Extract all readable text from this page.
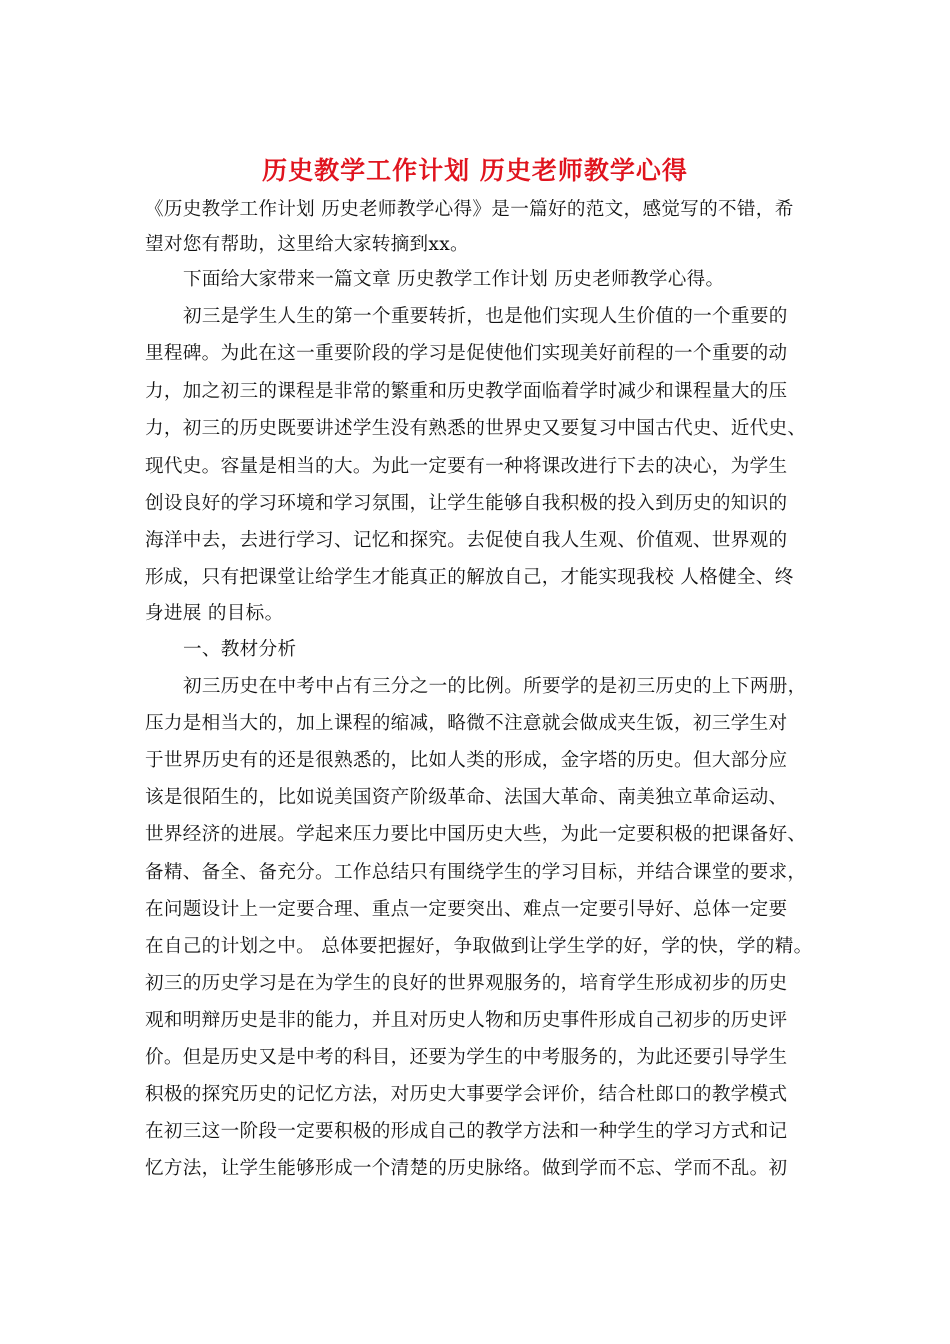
历史教学工作计划 历史老师教学心得
《历史教学工作计划 历史老师教学心得》是一篇好的范文，感觉写的不错，希
望对您有帮助，这里给大家转摘到xx。
下面给大家带来一篇文章 历史教学工作计划 历史老师教学心得。
初三是学生人生的第一个重要转折，也是他们实现人生价值的一个重要的
里程碑。为此在这一重要阶段的学习是促使他们实现美好前程的一个重要的动
力，加之初三的课程是非常的繁重和历史教学面临着学时减少和课程量大的压
力，初三的历史既要讲述学生没有熟悉的世界史又要复习中国古代史、近代史、
现代史。容量是相当的大。为此一定要有一种将课改进行下去的决心，为学生
创设良好的学习环境和学习氛围，让学生能够自我积极的投入到历史的知识的
海洋中去，去进行学习、记忆和探究。去促使自我人生观、价值观、世界观的
形成，只有把课堂让给学生才能真正的解放自己，才能实现我校 人格健全、终
身进展 的目标。
一、教材分析
初三历史在中考中占有三分之一的比例。所要学的是初三历史的上下两册，
压力是相当大的，加上课程的缩减，略微不注意就会做成夹生饭，初三学生对
于世界历史有的还是很熟悉的，比如人类的形成，金字塔的历史。但大部分应
该是很陌生的，比如说美国资产阶级革命、法国大革命、南美独立革命运动、
世界经济的进展。学起来压力要比中国历史大些，为此一定要积极的把课备好、
备精、备全、备充分。工作总结只有围绕学生的学习目标，并结合课堂的要求，
在问题设计上一定要合理、重点一定要突出、难点一定要引导好、总体一定要
在自己的计划之中。 总体要把握好，争取做到让学生学的好，学的快，学的精。
初三的历史学习是在为学生的良好的世界观服务的，培育学生形成初步的历史
观和明辩历史是非的能力，并且对历史人物和历史事件形成自己初步的历史评
价。但是历史又是中考的科目，还要为学生的中考服务的，为此还要引导学生
积极的探究历史的记忆方法，对历史大事要学会评价，结合杜郎口的教学模式
在初三这一阶段一定要积极的形成自己的教学方法和一种学生的学习方式和记
忆方法，让学生能够形成一个清楚的历史脉络。做到学而不忘、学而不乱。初
